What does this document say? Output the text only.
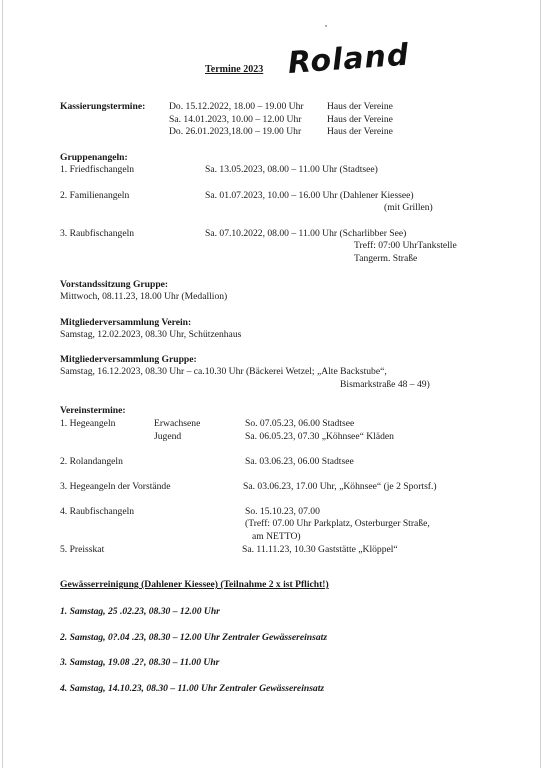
Termine 2023 Roland
Kassierungstermine: Do. 15.12.2022, 18.00 – 19.00 Uhr Haus der Vereine
Sa. 14.01.2023, 10.00 – 12.00 Uhr	Haus der Vereine
Do. 26.01.2023,18.00 – 19.00 Uhr	Haus der Vereine
Gruppenangeln:
1. Friedfischangeln	Sa. 13.05.2023, 08.00 – 11.00 Uhr (Stadtsee)
2. Familienangeln	Sa. 01.07.2023, 10.00 – 16.00 Uhr (Dahlener Kiessee)
(mit Grillen)
3. Raubfischangeln	Sa. 07.10.2022, 08.00 – 11.00 Uhr (Scharlibber See)
Treff: 07:00 UhrTankstelle
Tangerm. Straße
Vorstandssitzung Gruppe:
Mittwoch, 08.11.23, 18.00 Uhr (Medallion)
Mitgliederversammlung Verein:
Samstag, 12.02.2023, 08.30 Uhr, Schützenhaus
Mitgliederversammlung Gruppe:
Samstag, 16.12.2023, 08.30 Uhr – ca.10.30 Uhr (Bäckerei Wetzel; „Alte Backstube“,
Bismarkstraße 48 – 49)
Vereinstermine:
1. Hegeangeln	Erwachsene	So. 07.05.23, 06.00 Stadtsee
Jugend	Sa. 06.05.23, 07.30 „Köhnsee“ Kläden
2. Rolandangeln	Sa. 03.06.23, 06.00 Stadtsee
3. Hegeangeln der Vorstände	Sa. 03.06.23, 17.00 Uhr, „Köhnsee“ (je 2 Sportsf.)
4. Raubfischangeln	So. 15.10.23, 07.00
(Treff: 07.00 Uhr Parkplatz, Osterburger Straße,
am NETTO)
5. Preisskat	Sa. 11.11.23, 10.30 Gaststätte „Klöppel“
Gewässerreinigung (Dahlener Kiessee) (Teilnahme 2 x ist Pflicht!)
1. Samstag, 25 .02.23, 08.30 – 12.00 Uhr
2. Samstag, 0?.04 .23, 08.30 – 12.00 Uhr Zentraler Gewässereinsatz
3. Samstag, 19.08 .2?, 08.30 – 11.00 Uhr
4. Samstag, 14.10.23, 08.30 – 11.00 Uhr Zentraler Gewässereinsatz
